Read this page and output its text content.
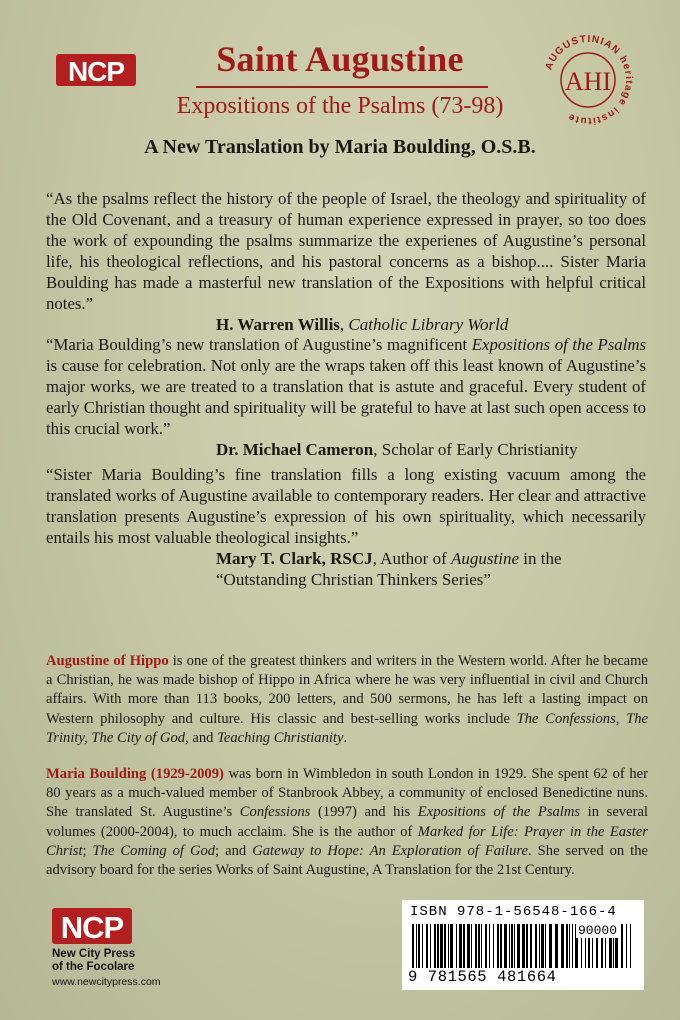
NCP	Saint Augustine
Expositions of the Psalms (73-98)
AUGUSTINIAN heritage institute
AHI
A New Translation by Maria Boulding, O.S.B.
“As the psalms reflect the history of the people of Israel, the theology and spirituality of the Old Covenant, and a treasury of human experience expressed in prayer, so too does the work of expounding the psalms summarize the experienes of Augustine’s personal life, his theological reflections, and his pastoral concerns as a bishop.... Sister Maria Boulding has made a masterful new translation of the Expositions with helpful critical notes.”
H. Warren Willis, Catholic Library World
“Maria Boulding’s new translation of Augustine’s magnificent Expositions of the Psalms is cause for celebration. Not only are the wraps taken off this least known of Augustine’s major works, we are treated to a translation that is astute and graceful. Every student of early Christian thought and spirituality will be grateful to have at last such open access to this crucial work.”
Dr. Michael Cameron, Scholar of Early Christianity
“Sister Maria Boulding’s fine translation fills a long existing vacuum among the translated works of Augustine available to contemporary readers. Her clear and attractive translation presents Augustine’s expression of his own spirituality, which necessarily entails his most valuable theological insights.”
Mary T. Clark, RSCJ, Author of Augustine in the
“Outstanding Christian Thinkers Series”
Augustine of Hippo is one of the greatest thinkers and writers in the Western world. After he became a Christian, he was made bishop of Hippo in Africa where he was very influential in civil and Church affairs. With more than 113 books, 200 letters, and 500 sermons, he has left a lasting impact on Western philosophy and culture. His classic and best-selling works include The Confessions, The Trinity, The City of God, and Teaching Christianity.
Maria Boulding (1929-2009) was born in Wimbledon in south London in 1929. She spent 62 of her 80 years as a much-valued member of Stanbrook Abbey, a community of enclosed Benedictine nuns. She translated St. Augustine’s Confessions (1997) and his Expositions of the Psalms in several volumes (2000-2004), to much acclaim. She is the author of Marked for Life: Prayer in the Easter Christ; The Coming of God; and Gateway to Hope: An Exploration of Failure. She served on the advisory board for the series Works of Saint Augustine, A Translation for the 21st Century.
NCP
New City Press
of the Focolare
www.newcitypress.com
ISBN 978-1-56548-166-4
90000
9 781565 481664
